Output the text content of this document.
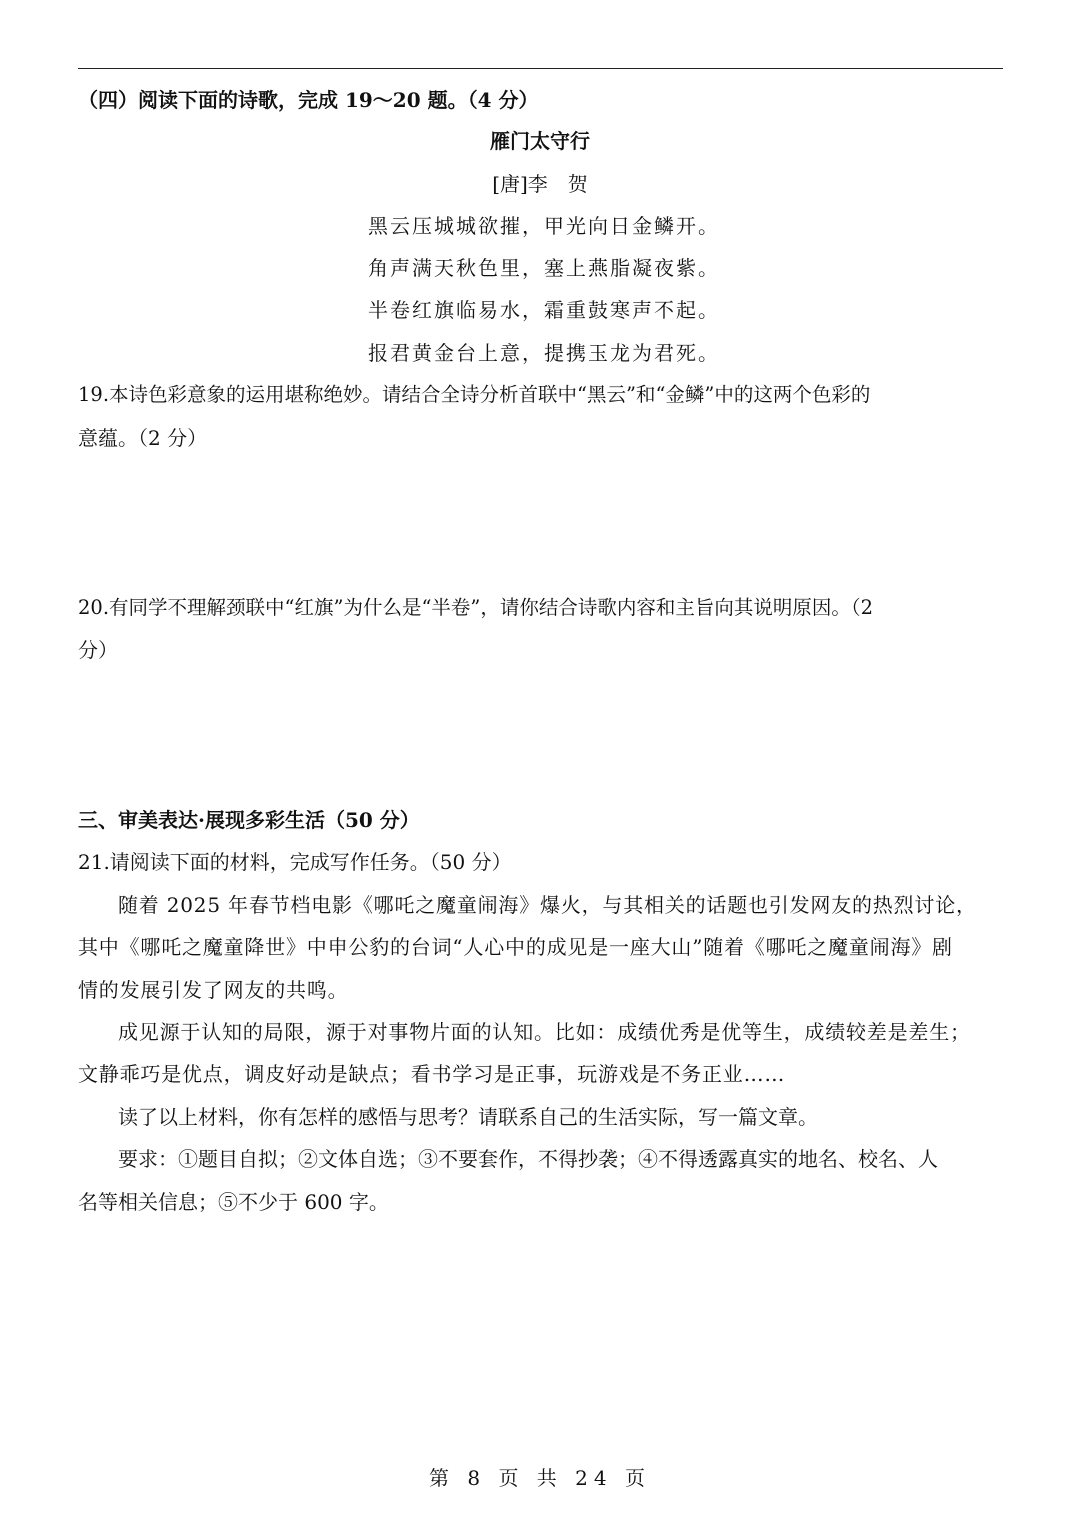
（四）阅读下面的诗歌，完成 19～20 题。（4 分）
雁门太守行
[唐]李　贺
黑云压城城欲摧，甲光向日金鳞开。
角声满天秋色里，塞上燕脂凝夜紫。
半卷红旗临易水，霜重鼓寒声不起。
报君黄金台上意，提携玉龙为君死。
19.本诗色彩意象的运用堪称绝妙。请结合全诗分析首联中“黑云”和“金鳞”中的这两个色彩的
意蕴。（2 分）
20.有同学不理解颈联中“红旗”为什么是“半卷”，请你结合诗歌内容和主旨向其说明原因。（2
分）
三、审美表达·展现多彩生活（50 分）
21.请阅读下面的材料，完成写作任务。（50 分）
随着 2025 年春节档电影《哪吒之魔童闹海》爆火，与其相关的话题也引发网友的热烈讨论，
其中《哪吒之魔童降世》中申公豹的台词“人心中的成见是一座大山”随着《哪吒之魔童闹海》剧
情的发展引发了网友的共鸣。
成见源于认知的局限，源于对事物片面的认知。比如：成绩优秀是优等生，成绩较差是差生；
文静乖巧是优点，调皮好动是缺点；看书学习是正事，玩游戏是不务正业……
读了以上材料，你有怎样的感悟与思考？请联系自己的生活实际，写一篇文章。
要求：①题目自拟；②文体自选；③不要套作，不得抄袭；④不得透露真实的地名、校名、人
名等相关信息；⑤不少于 600 字。
第 8 页 共 24 页
